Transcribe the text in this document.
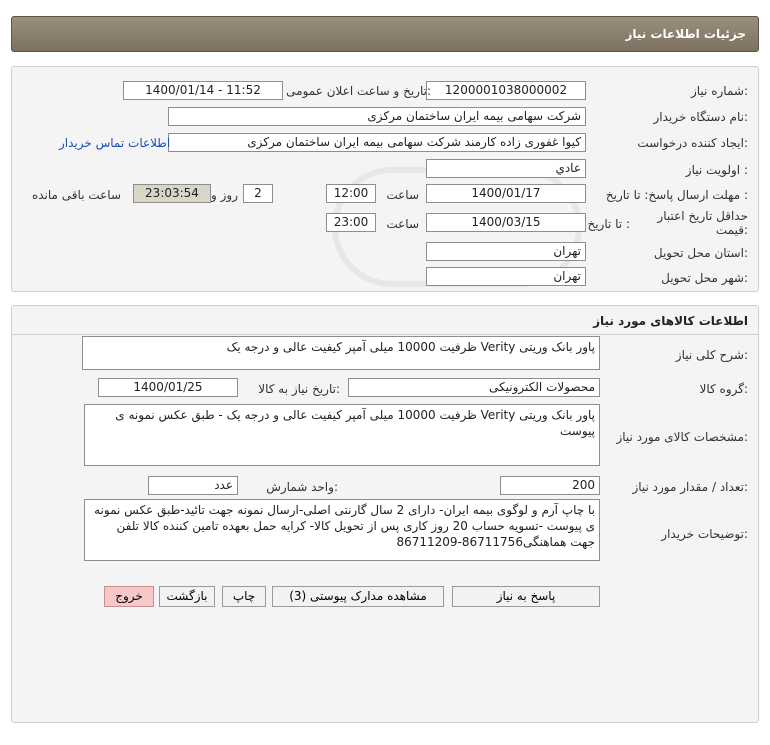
جزئیات اطلاعات نیاز
شماره نیاز:
1200001038000002
تاریخ و ساعت اعلان عمومی:
1400/01/14 - 11:52
نام دستگاه خریدار:
شرکت سهامی بیمه ایران ساختمان مرکزی
ایجاد کننده درخواست:
کیوا غفوری زاده کارمند شرکت سهامی بیمه ایران ساختمان مرکزی
اطلاعات تماس خریدار
اولویت نیاز :
عادي
مهلت ارسال پاسخ: تا تاریخ :
1400/01/17
ساعت
12:00
2
روز و
23:03:54
ساعت باقی مانده
حداقل تاریخ اعتبار قیمت:
تا تاریخ :
1400/03/15
ساعت
23:00
استان محل تحویل:
تهران
شهر محل تحویل:
تهران
اطلاعات کالاهای مورد نیاز
شرح کلی نیاز:
پاور بانک وریتی Verity ظرفیت 10000 میلی آمپر کیفیت عالی و درجه یک
گروه کالا:
محصولات الکترونیکی
تاریخ نیاز به کالا:
1400/01/25
مشخصات کالای مورد نیاز:
پاور بانک وریتی Verity ظرفیت 10000 میلی آمپر کیفیت عالی و درجه یک - طبق عکس نمونه ی پیوست
تعداد / مقدار مورد نیاز:
200
واحد شمارش:
عدد
توضیحات خریدار:
با چاپ آرم و لوگوی بیمه ایران- دارای 2 سال گارنتی اصلی-ارسال نمونه جهت تائید-طبق عکس نمونه ی پیوست -تسویه حساب 20 روز کاری پس از تحویل کالا- کرایه حمل بعهده تامین کننده کالا تلفن جهت هماهنگی86711756-86711209
پاسخ به نیاز
مشاهده مدارک پیوستی (3)
چاپ
بازگشت
خروج
